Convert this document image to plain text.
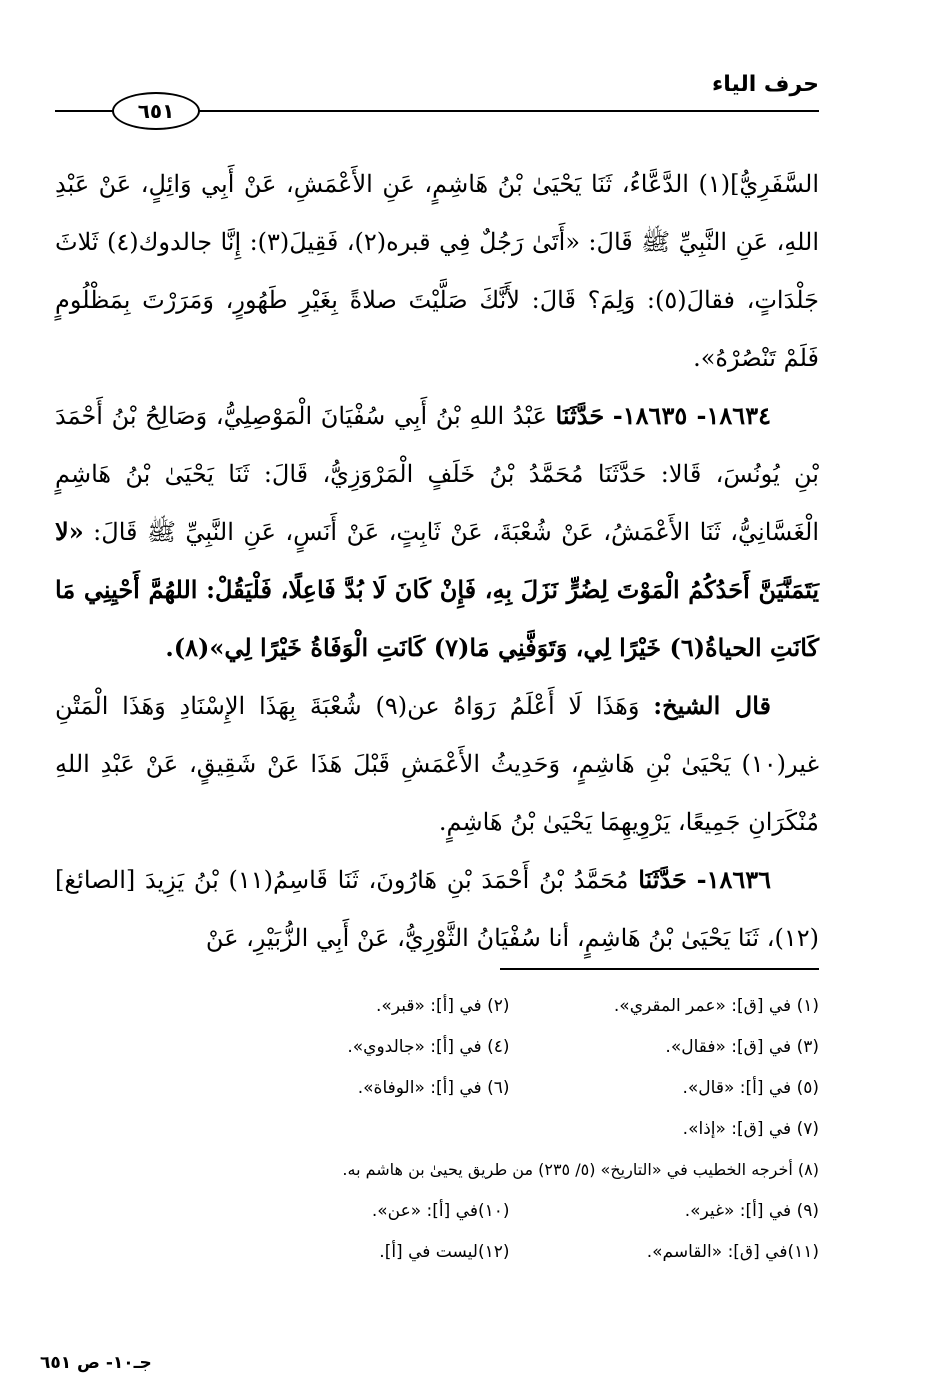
حرف الياء
٦٥١

السَّفَرِيُّ](١) الدَّعَّاءُ، ثَنَا يَحْيَىٰ بْنُ هَاشِمٍ، عَنِ الأَعْمَشِ، عَنْ أَبِي وَائِلٍ، عَنْ عَبْدِ اللهِ، عَنِ النَّبِيِّ ﷺ قَالَ: «أَتَىٰ رَجُلٌ فِي قبره(٢)، فَقِيلَ(٣): إِنَّا جالدوك(٤) ثَلاثَ جَلْدَاتٍ، فقالَ(٥): وَلِمَ؟ قَالَ: لأَنَّكَ صَلَّيْتَ صلاةً بِغَيْرِ طَهُورٍ، وَمَرَرْتَ بِمَظْلُومٍ فَلَمْ تَنْصُرْهُ».

١٨٦٣٤- ١٨٦٣٥- حَدَّثَنَا عَبْدُ اللهِ بْنُ أَبِي سُفْيَانَ الْمَوْصِلِيُّ، وَصَالِحُ بْنُ أَحْمَدَ بْنِ يُونُسَ، قَالا: حَدَّثَنَا مُحَمَّدُ بْنُ خَلَفٍ الْمَرْوَزِيُّ، قَالَ: ثَنَا يَحْيَىٰ بْنُ هَاشِمٍ الْغَسَّانِيُّ، ثَنَا الأَعْمَشُ، عَنْ شُعْبَةَ، عَنْ ثَابِتٍ، عَنْ أَنَسٍ، عَنِ النَّبِيِّ ﷺ قَالَ: «لا يَتَمَنَّيَنَّ أَحَدُكُمُ الْمَوْتَ لِضُرٍّ نَزَلَ بِهِ، فَإِنْ كَانَ لَا بُدَّ فَاعِلًا، فَلْيَقُلْ: اللهُمَّ أَحْيِنِي مَا كَانَتِ الحياةُ(٦) خَيْرًا لِي، وَتَوَفَّنِي مَا(٧) كَانَتِ الْوَفَاةُ خَيْرًا لِي»(٨).

قال الشيخ: وَهَذَا لَا أَعْلَمُ رَوَاهُ عن(٩) شُعْبَةَ بِهَذَا الإِسْنَادِ وَهَذَا الْمَتْنِ غير(١٠) يَحْيَىٰ بْنِ هَاشِمٍ، وَحَدِيثُ الأَعْمَشِ قَبْلَ هَذَا عَنْ شَقِيقٍ، عَنْ عَبْدِ اللهِ مُنْكَرَانِ جَمِيعًا، يَرْوِيهِمَا يَحْيَىٰ بْنُ هَاشِمٍ.

١٨٦٣٦- حَدَّثَنَا مُحَمَّدُ بْنُ أَحْمَدَ بْنِ هَارُونَ، ثَنَا قَاسِمُ(١١) بْنُ يَزِيدَ [الصائغ](١٢)، ثَنَا يَحْيَىٰ بْنُ هَاشِمٍ، أنا سُفْيَانُ الثَّوْرِيُّ، عَنْ أَبِي الزُّبَيْرِ، عَنْ

(١) في [ق]: «عمر المقري».
(٢) في [أ]: «قبر».
(٣) في [ق]: «فقال».
(٤) في [أ]: «جالدوي».
(٥) في [أ]: «قال».
(٦) في [أ]: «الوفاة».
(٧) في [ق]: «إذا».
(٨) أخرجه الخطيب في «التاريخ» (٥/ ٢٣٥) من طريق يحيىٰ بن هاشم به.
(٩) في [أ]: «غير».
(١٠)في [أ]: «عن».
(١١)في [ق]: «القاسم».
(١٢)ليست في [أ].
جـ١٠- ص ٦٥١
